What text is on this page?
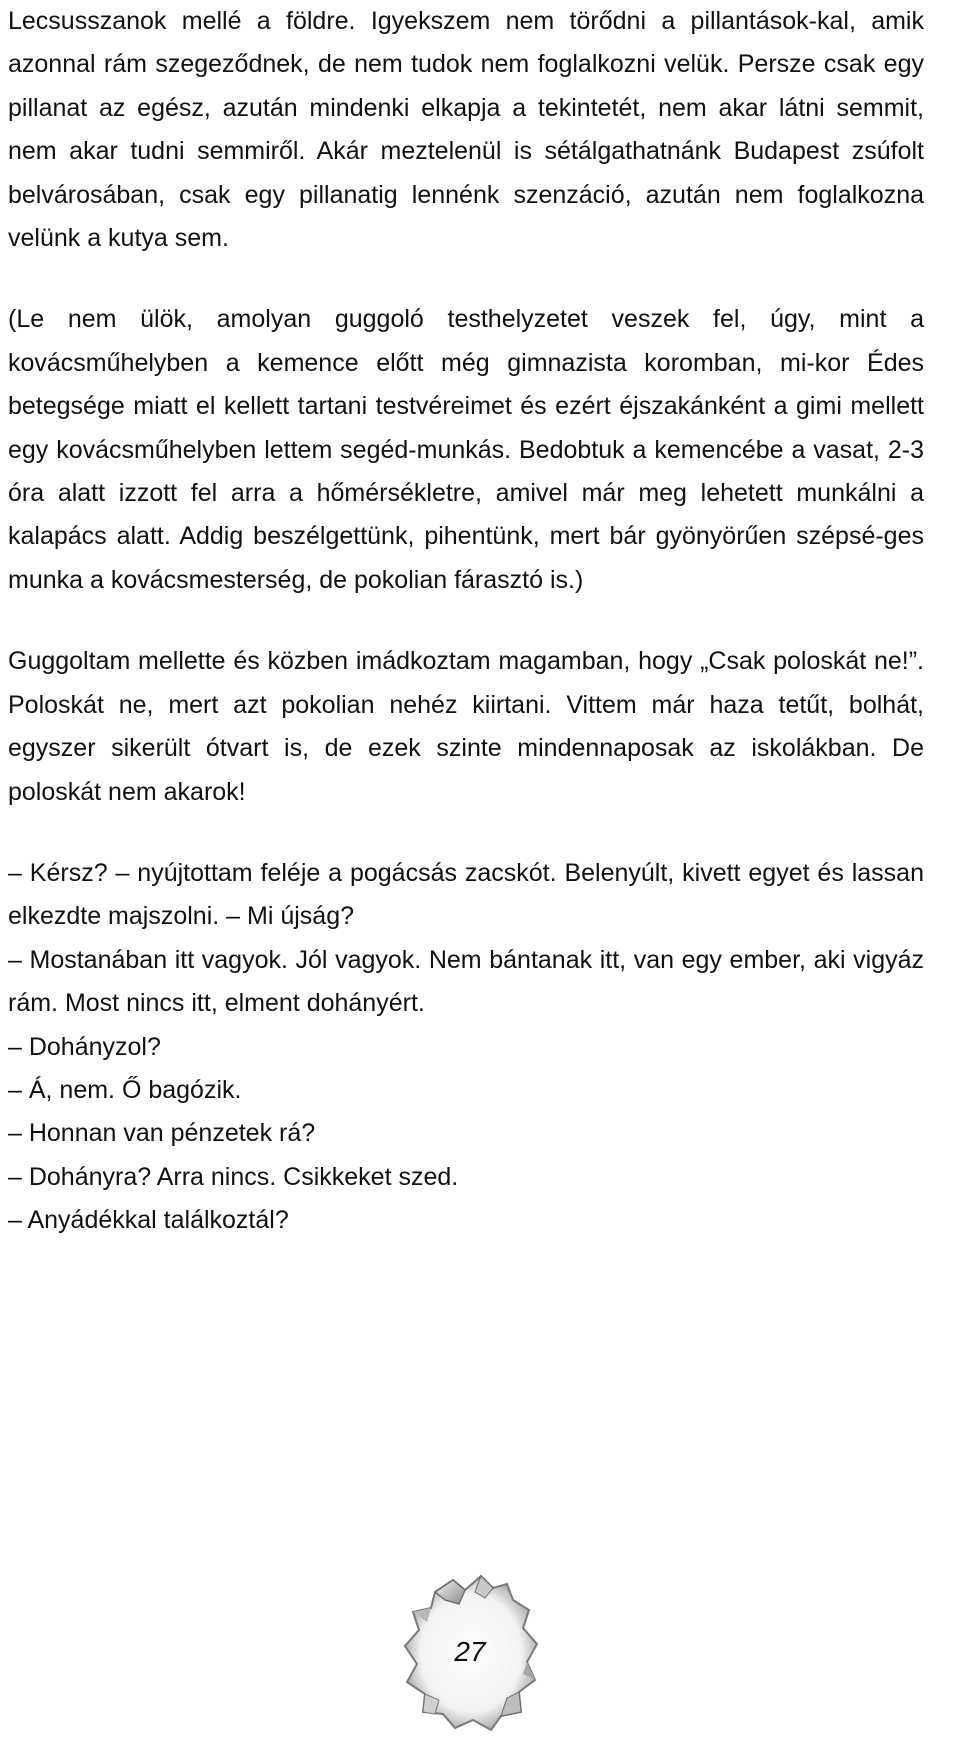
Lecsusszanok mellé a földre. Igyekszem nem törődni a pillantások-kal, amik azonnal rám szegeződnek, de nem tudok nem foglalkozni velük. Persze csak egy pillanat az egész, azután mindenki elkapja a tekintetét, nem akar látni semmit, nem akar tudni semmiről. Akár meztelenül is sétálgathatnánk Budapest zsúfolt belvárosában, csak egy pillanatig lennénk szenzáció, azután nem foglalkozna velünk a kutya sem.

(Le nem ülök, amolyan guggoló testhelyzetet veszek fel, úgy, mint a kovácsműhelyben a kemence előtt még gimnazista koromban, mi-kor Édes betegsége miatt el kellett tartani testvéreimet és ezért éjszakánként a gimi mellett egy kovácsműhelyben lettem segéd-munkás. Bedobtuk a kemencébe a vasat, 2-3 óra alatt izzott fel arra a hőmérsékletre, amivel már meg lehetett munkálni a kalapács alatt. Addig beszélgettünk, pihentünk, mert bár gyönyörűen szépsé-ges munka a kovácsmesterség, de pokolian fárasztó is.)

Guggoltam mellette és közben imádkoztam magamban, hogy „Csak poloskát ne!”. Poloskát ne, mert azt pokolian nehéz kiirtani. Vittem már haza tetűt, bolhát, egyszer sikerült ótvart is, de ezek szinte mindennaposak az iskolákban. De poloskát nem akarok!

– Kérsz? – nyújtottam feléje a pogácsás zacskót. Belenyúlt, kivett egyet és lassan elkezdte majszolni. – Mi újság?

– Mostanában itt vagyok. Jól vagyok. Nem bántanak itt, van egy ember, aki vigyáz rám. Most nincs itt, elment dohányért.

– Dohányzol?

– Á, nem. Ő bagózik.

– Honnan van pénzetek rá?

– Dohányra? Arra nincs. Csikkeket szed.

– Anyádékkal találkoztál?

27
